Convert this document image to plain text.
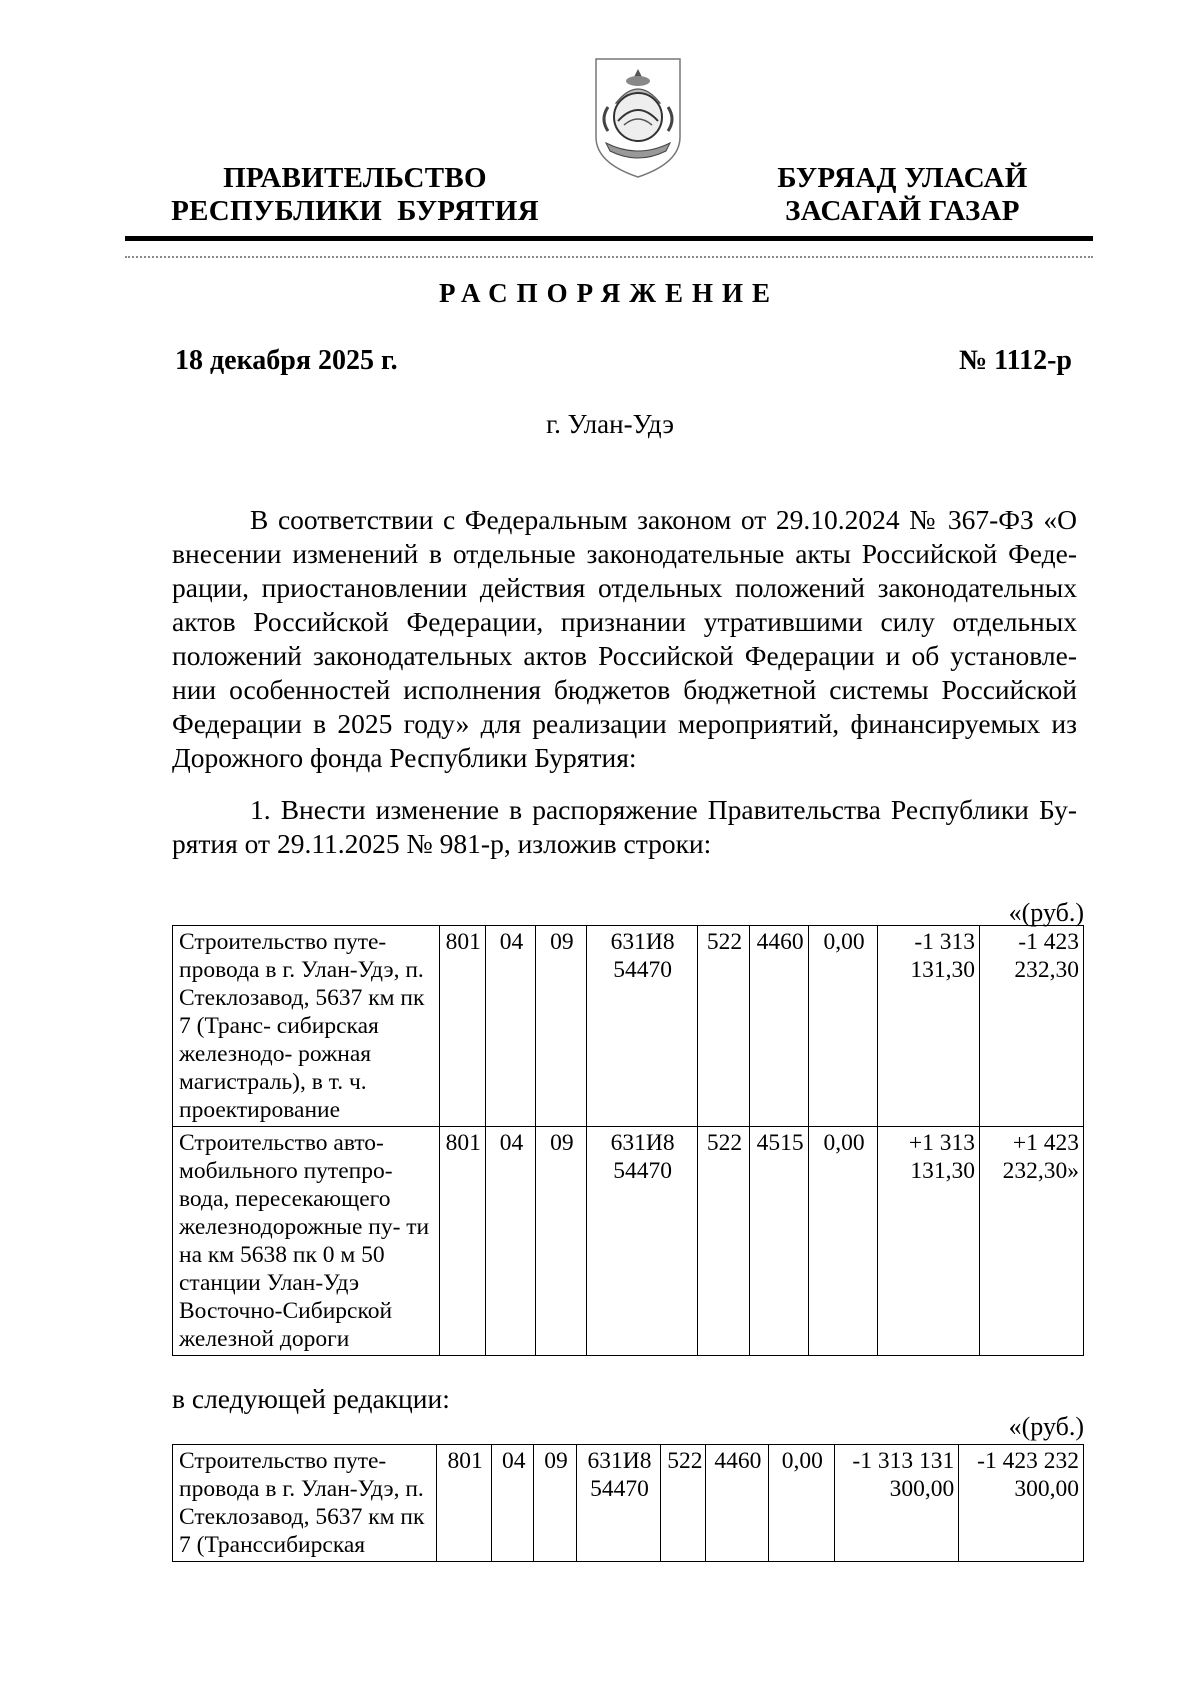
ПРАВИТЕЛЬСТВО
РЕСПУБЛИКИ  БУРЯТИЯ
БУРЯАД УЛАСАЙ
ЗАСАГАЙ ГАЗАР
РАСПОРЯЖЕНИЕ
18 декабря 2025 г.	№ 1112-р
г. Улан-Удэ
В соответствии с Федеральным законом от 29.10.2024 № 367-ФЗ «О
внесении изменений в отдельные законодательные акты Российской Феде-
рации, приостановлении действия отдельных положений законодательных
актов Российской Федерации, признании утратившими силу отдельных
положений законодательных актов Российской Федерации и об установле-
нии особенностей исполнения бюджетов бюджетной системы Российской
Федерации в 2025 году» для реализации мероприятий, финансируемых из
Дорожного фонда Республики Бурятия:
1. Внести изменение в распоряжение Правительства Республики Бу-
рятия от 29.11.2025 № 981-р, изложив строки:
«(руб.)
Строительство путе- провода в г. Улан-Удэ, п. Стеклозавод, 5637 км пк 7 (Транс- сибирская железнодо- рожная магистраль), в т. ч. проектирование	801	04	09	631И8 54470	522	4460	0,00	-1 313 131,30	-1 423 232,30
Строительство авто- мобильного путепро- вода, пересекающего железнодорожные пу- ти на км 5638 пк 0 м 50 станции Улан-Удэ Восточно-Сибирской железной дороги	801	04	09	631И8 54470	522	4515	0,00	+1 313 131,30	+1 423 232,30»
в следующей редакции:
«(руб.)
Строительство путе- провода в г. Улан-Удэ, п. Стеклозавод, 5637 км пк 7 (Транссибирская	801	04	09	631И8 54470	522	4460	0,00	-1 313 131 300,00	-1 423 232 300,00
